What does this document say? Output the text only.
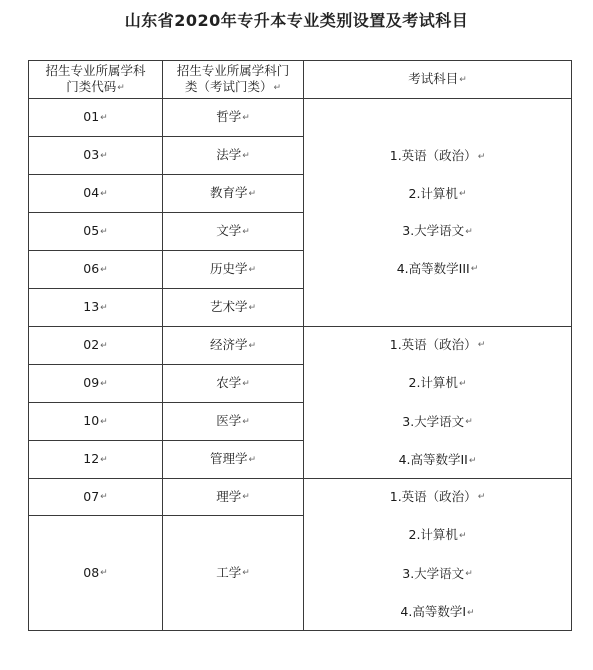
山东省2020年专升本专业类别设置及考试科目
招生专业所属学科门类代码↵	招生专业所属学科门类（考试门类）↵	考试科目↵
01↵	哲学↵	1.英语（政治）↵
2.计算机↵
3.大学语文↵
4.高等数学III↵

03↵	法学↵	
04↵	教育学↵	
05↵	文学↵	
06↵	历史学↵	
13↵	艺术学↵	
02↵	经济学↵	1.英语（政治）↵
2.计算机↵
3.大学语文↵
4.高等数学II↵

09↵	农学↵	
10↵	医学↵	
12↵	管理学↵	
07↵	理学↵	1.英语（政治）↵
2.计算机↵
3.大学语文↵
4.高等数学I↵

08↵	工学↵	
